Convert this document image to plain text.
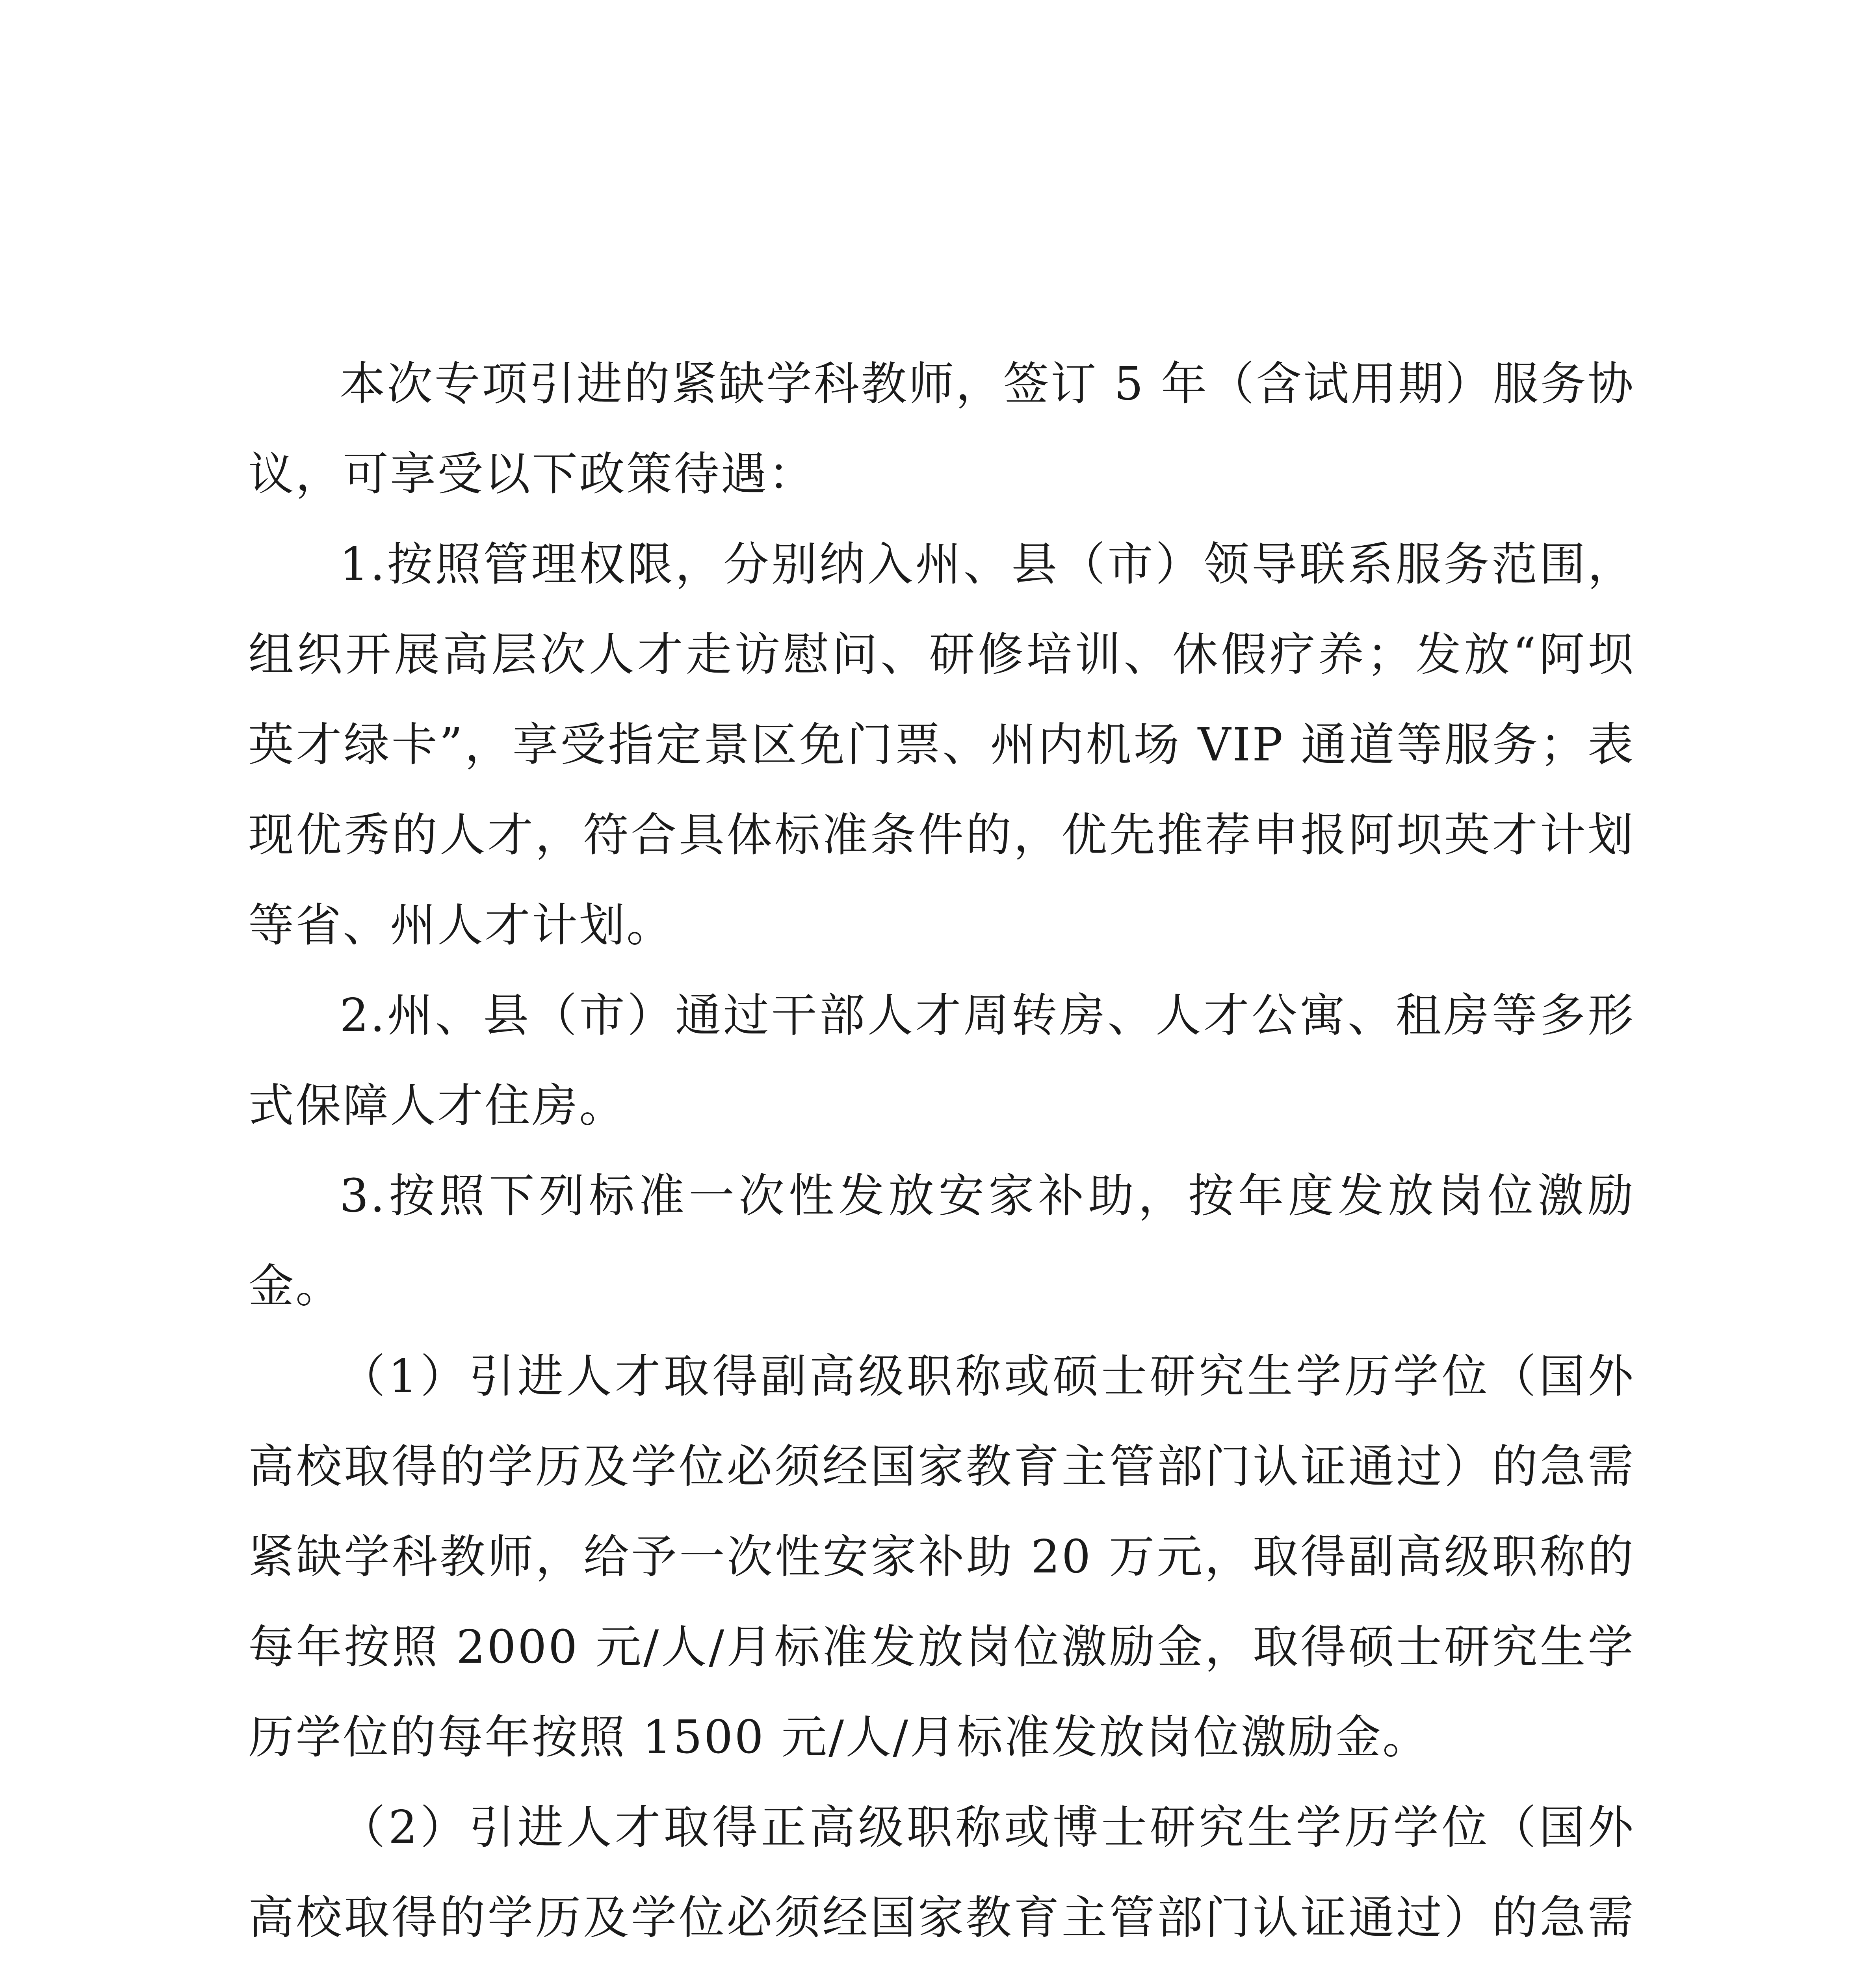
本次专项引进的紧缺学科教师，签订 5 年（含试用期）服务协议，可享受以下政策待遇：

1.按照管理权限，分别纳入州、县（市）领导联系服务范围，组织开展高层次人才走访慰问、研修培训、休假疗养；发放“阿坝英才绿卡”，享受指定景区免门票、州内机场 VIP 通道等服务；表现优秀的人才，符合具体标准条件的，优先推荐申报阿坝英才计划等省、州人才计划。

2.州、县（市）通过干部人才周转房、人才公寓、租房等多形式保障人才住房。

3.按照下列标准一次性发放安家补助，按年度发放岗位激励金。

（1）引进人才取得副高级职称或硕士研究生学历学位（国外高校取得的学历及学位必须经国家教育主管部门认证通过）的急需紧缺学科教师，给予一次性安家补助 20 万元，取得副高级职称的每年按照 2000 元/人/月标准发放岗位激励金，取得硕士研究生学历学位的每年按照 1500 元/人/月标准发放岗位激励金。

（2）引进人才取得正高级职称或博士研究生学历学位（国外高校取得的学历及学位必须经国家教育主管部门认证通过）的急需
